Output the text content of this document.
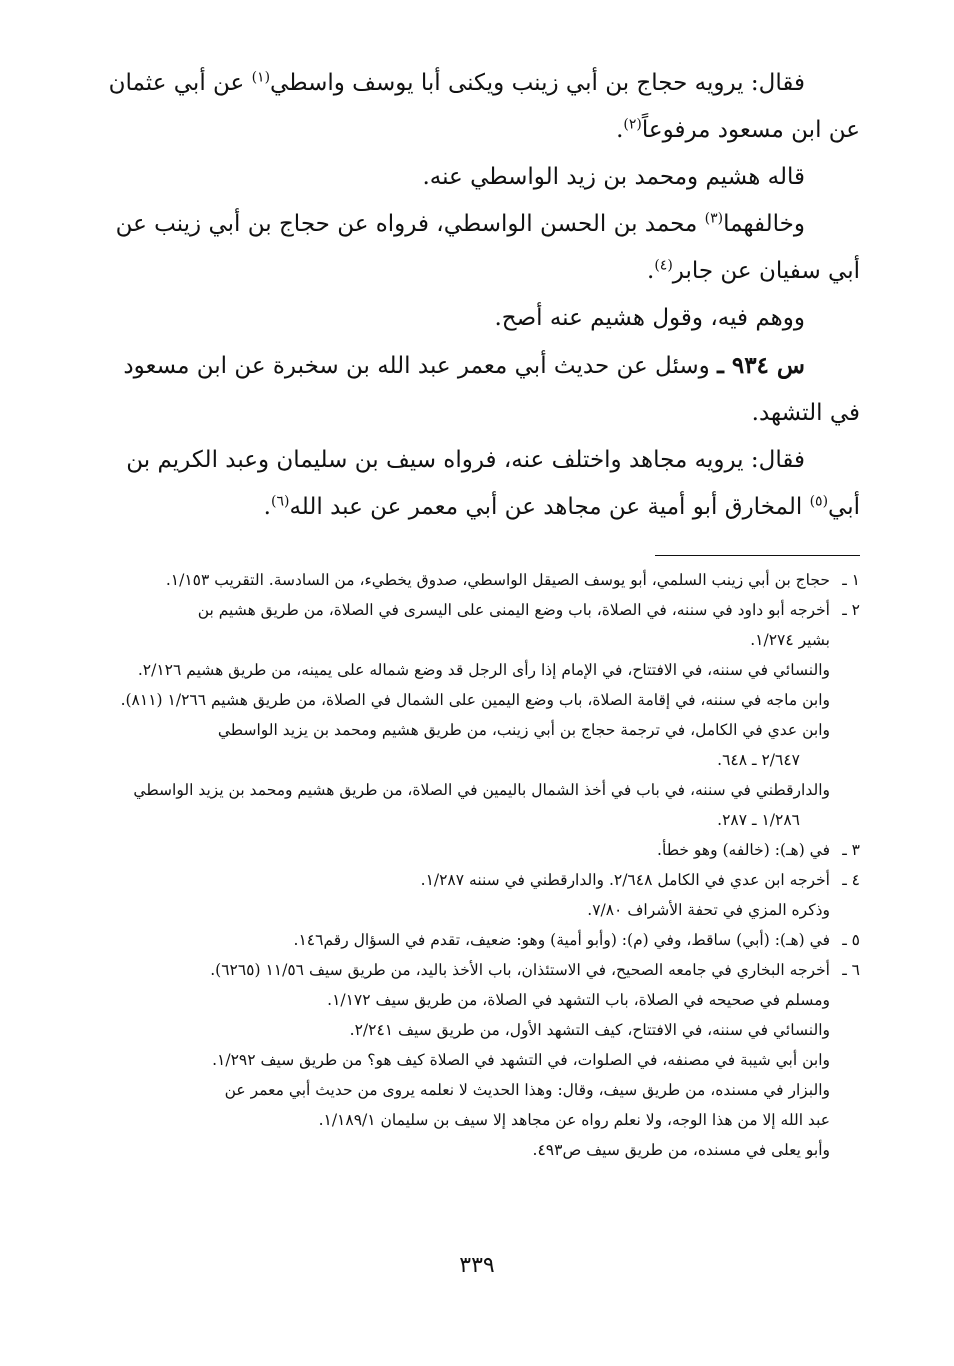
فقال: يرويه حجاج بن أبي زينب ويكنى أبا يوسف واسطي$^{(١)}$ عن أبي عثمان
عن ابن مسعود مرفوعاً$^{(٢)}$.
قاله هشيم ومحمد بن زيد الواسطي عنه.
وخالفهما$^{(٣)}$ محمد بن الحسن الواسطي، فرواه عن حجاج بن أبي زينب عن
أبي سفيان عن جابر$^{(٤)}$.
ووهم فيه، وقول هشيم عنه أصح.
س ٩٣٤ ـ وسئل عن حديث أبي معمر عبد الله بن سخبرة عن ابن مسعود
في التشهد.
فقال: يرويه مجاهد واختلف عنه، فرواه سيف بن سليمان وعبد الكريم بن
أبي$^{(٥)}$ المخارق أبو أمية عن مجاهد عن أبي معمر عن عبد الله$^{(٦)}$.
١ ـ
حجاج بن أبي زينب السلمي، أبو يوسف الصيقل الواسطي، صدوق يخطيء، من السادسة. التقريب ١/١٥٣.
٢ ـ
أخرجه أبو داود في سننه، في الصلاة، باب وضع اليمنى على اليسرى في الصلاة، من طريق هشيم بن
بشير ١/٢٧٤.
والنسائي في سننه، في الافتتاح، في الإمام إذا رأى الرجل قد وضع شماله على يمينه، من طريق هشيم ٢/١٢٦.
وابن ماجه في سننه، في إقامة الصلاة، باب وضع اليمين على الشمال في الصلاة، من طريق هشيم ١/٢٦٦ (٨١١).
وابن عدي في الكامل، في ترجمة حجاج بن أبي زينب، من طريق هشيم ومحمد بن يزيد الواسطي
٢/٦٤٧ ـ ٦٤٨.
والدارقطني في سننه، في باب في أخذ الشمال باليمين في الصلاة، من طريق هشيم ومحمد بن يزيد الواسطي
١/٢٨٦ ـ ٢٨٧.
٣ ـ
في (هـ): (خالفه) وهو خطأ.
٤ ـ
أخرجه ابن عدي في الكامل ٢/٦٤٨. والدارقطني في سننه ١/٢٨٧.
وذكره المزي في تحفة الأشراف ٧/٨٠.
٥ ـ
في (هـ): (أبي) ساقط، وفي (م): (وأبو أمية) وهو: ضعيف، تقدم في السؤال رقم١٤٦.
٦ ـ
أخرجه البخاري في جامعه الصحيح، في الاستئذان، باب الأخذ باليد، من طريق سيف ١١/٥٦ (٦٢٦٥).
ومسلم في صحيحه في الصلاة، باب التشهد في الصلاة، من طريق سيف ١/١٧٢.
والنسائي في سننه، في الافتتاح، كيف التشهد الأول، من طريق سيف ٢/٢٤١.
وابن أبي شيبة في مصنفه، في الصلوات، في التشهد في الصلاة كيف هو؟ من طريق سيف ١/٢٩٢.
والبزار في مسنده، من طريق سيف، وقال: وهذا الحديث لا نعلمه يروى من حديث أبي معمر عن
عبد الله إلا من هذا الوجه، ولا نعلم رواه عن مجاهد إلا سيف بن سليمان ١/١٨٩/١.
وأبو يعلى في مسنده، من طريق سيف ص٤٩٣.
٣٣٩
